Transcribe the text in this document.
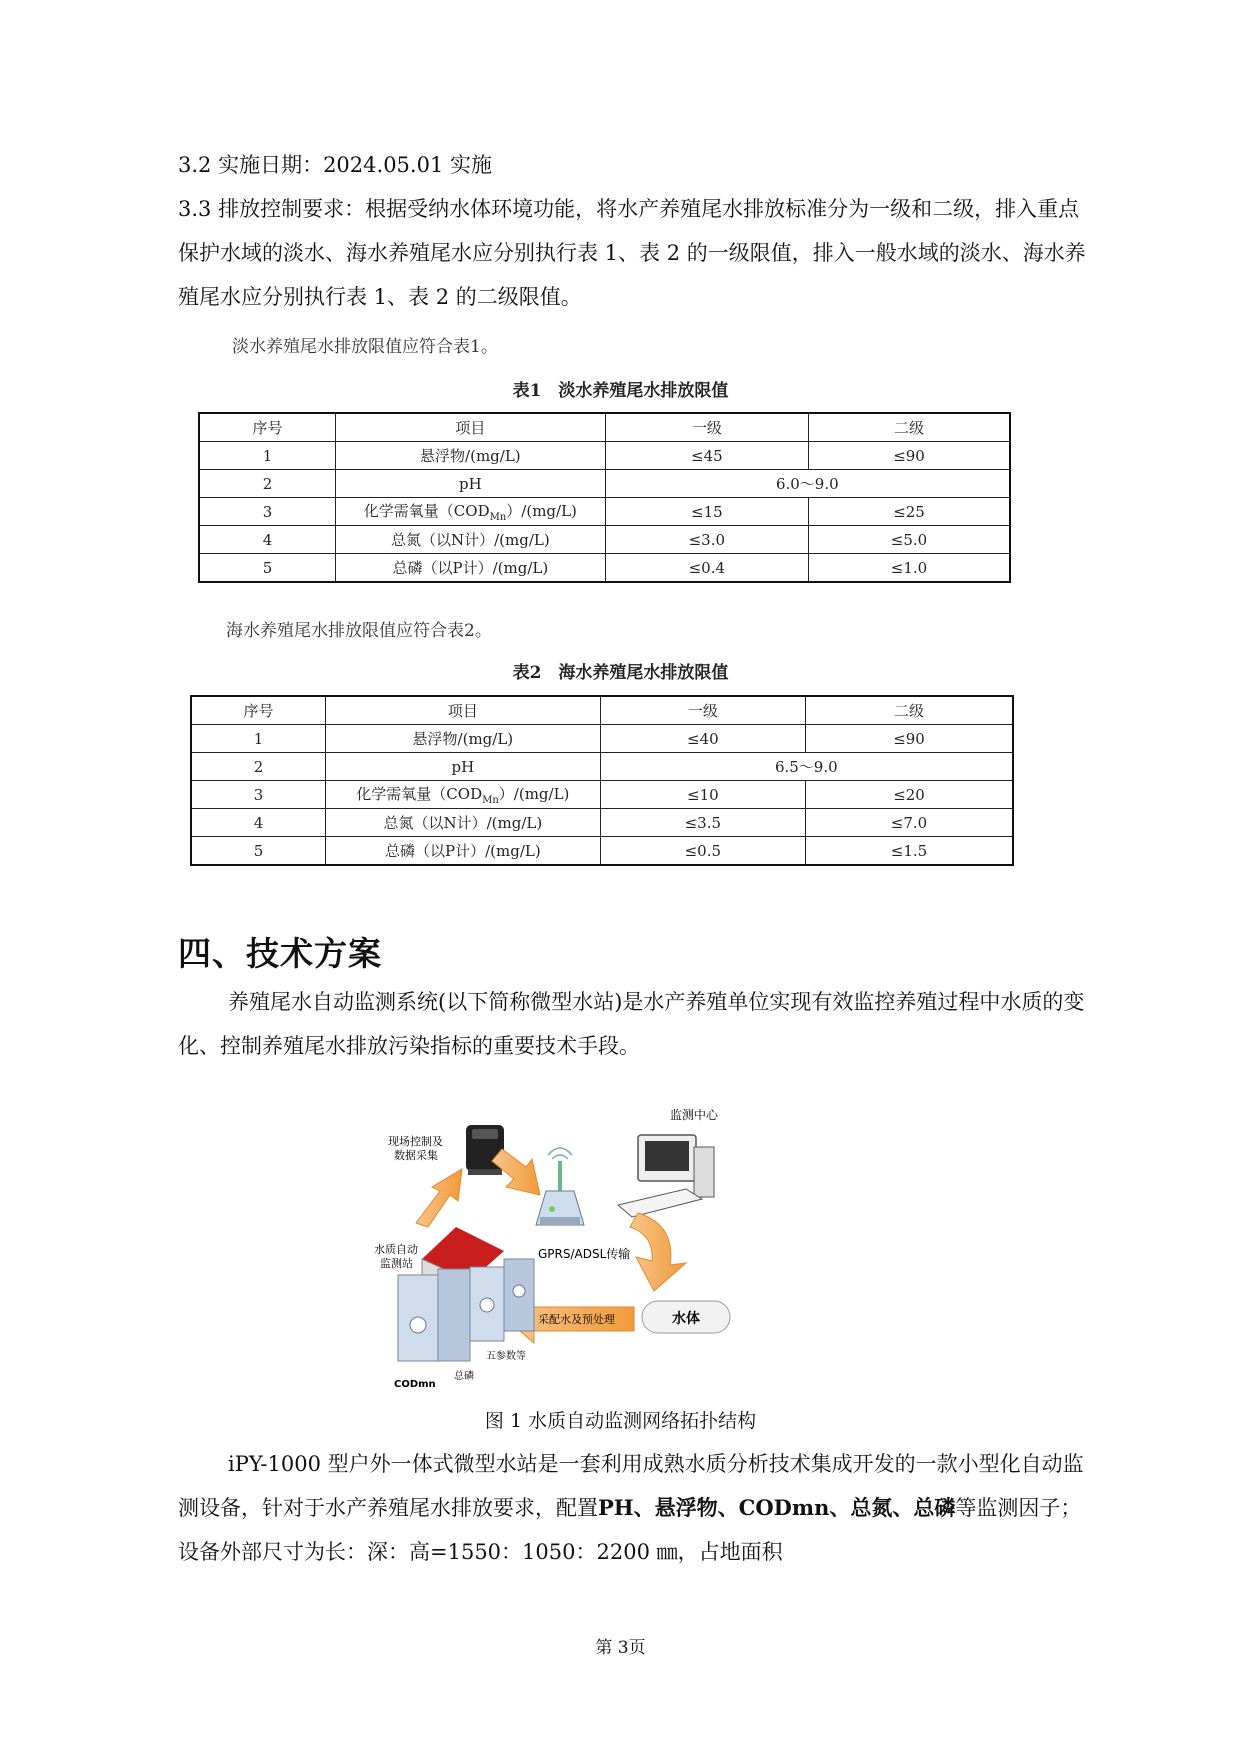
3.2 实施日期：2024.05.01 实施

3.3 排放控制要求：根据受纳水体环境功能，将水产养殖尾水排放标准分为一级和二级，排入重点保护水域的淡水、海水养殖尾水应分别执行表 1、表 2 的一级限值，排入一般水域的淡水、海水养殖尾水应分别执行表 1、表 2 的二级限值。

淡水养殖尾水排放限值应符合表1。
表1　淡水养殖尾水排放限值
序号	项目	一级	二级
1	悬浮物/(mg/L)	≤45	≤90
2	pH	6.0～9.0	
3	化学需氧量$(COD_{Mn})/(mg/L)$	≤15	≤25
4	总氮（以N计）/(mg/L)	≤3.0	≤5.0
5	总磷（以P计）/(mg/L)	≤0.4	≤1.0
海水养殖尾水排放限值应符合表2。
表2　海水养殖尾水排放限值
序号	项目	一级	二级
1	悬浮物/(mg/L)	≤40	≤90
2	pH	6.5～9.0	
3	化学需氧量$(COD_{Mn})/(mg/L)$	≤10	≤20
4	总氮（以N计）/(mg/L)	≤3.5	≤7.0
5	总磷（以P计）/(mg/L)	≤0.5	≤1.5
四、技术方案

养殖尾水自动监测系统(以下简称微型水站)是水产养殖单位实现有效监控养殖过程中水质的变化、控制养殖尾水排放污染指标的重要技术手段。

现场控制及
数据采集
监测中心
GPRS/ADSL传输
水质自动
监测站
采配水及预处理	水体
五参数等
总磷
CODmn
图 1 水质自动监测网络拓扑结构

iPY-1000 型户外一体式微型水站是一套利用成熟水质分析技术集成开发的一款小型化自动监测设备，针对于水产养殖尾水排放要求，配置PH、悬浮物、CODmn、总氮、总磷等监测因子；设备外部尺寸为长：深：高=1550：1050：2200 ㎜，占地面积

第 3页
